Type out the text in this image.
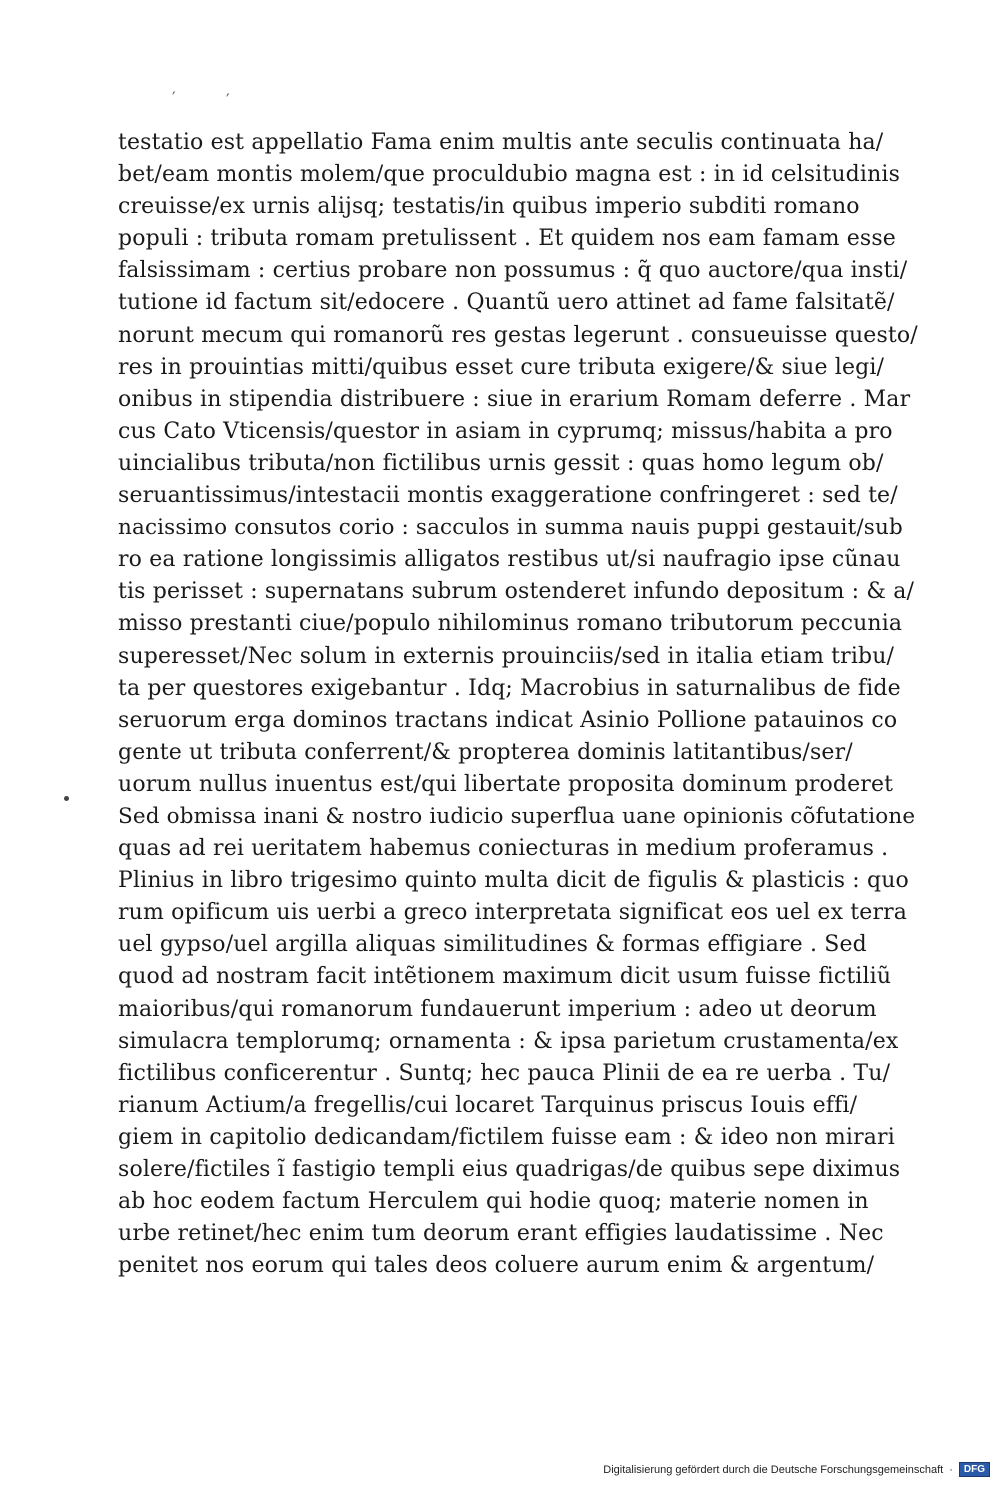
′	′
testatio est appellatio Fama enim multis ante seculis continuata ha/
bet/eam montis molem/que proculdubio magna est : in id celsitudinis
creuisse/ex urnis alijsq; testatis/in quibus imperio subditi romano
populi : tributa romam pretulissent . Et quidem nos eam famam esse
falsissimam : certius probare non possumus : q̃ quo auctore/qua insti/
tutione id factum sit/edocere . Quantũ uero attinet ad fame falsitatẽ/
norunt mecum qui romanorũ res gestas legerunt . consueuisse questo/
res in prouintias mitti/quibus esset cure tributa exigere/& siue legi/
onibus in stipendia distribuere : siue in erarium Romam deferre . Mar
cus Cato Vticensis/questor in asiam in cyprumq; missus/habita a pro
uincialibus tributa/non fictilibus urnis gessit : quas homo legum ob/
seruantissimus/intestacii montis exaggeratione confringeret : sed te/
nacissimo consutos corio : sacculos in summa nauis puppi gestauit/sub
ro ea ratione longissimis alligatos restibus ut/si naufragio ipse cũnau
tis perisset : supernatans subrum ostenderet infundo depositum : & a/
misso prestanti ciue/populo nihilominus romano tributorum peccunia
superesset/Nec solum in externis prouinciis/sed in italia etiam tribu/
ta per questores exigebantur . Idq; Macrobius in saturnalibus de fide
seruorum erga dominos tractans indicat Asinio Pollione patauinos co
gente ut tributa conferrent/& propterea dominis latitantibus/ser/
uorum nullus inuentus est/qui libertate proposita dominum proderet
Sed obmissa inani & nostro iudicio superflua uane opinionis cõfutatione
quas ad rei ueritatem habemus coniecturas in medium proferamus .
Plinius in libro trigesimo quinto multa dicit de figulis & plasticis : quo
rum opificum uis uerbi a greco interpretata significat eos uel ex terra
uel gypso/uel argilla aliquas similitudines & formas effigiare . Sed
quod ad nostram facit intẽtionem maximum dicit usum fuisse fictiliũ
maioribus/qui romanorum fundauerunt imperium : adeo ut deorum
simulacra templorumq; ornamenta : & ipsa parietum crustamenta/ex
fictilibus conficerentur . Suntq; hec pauca Plinii de ea re uerba . Tu/
rianum Actium/a fregellis/cui locaret Tarquinus priscus Iouis effi/
giem in capitolio dedicandam/fictilem fuisse eam : & ideo non mirari
solere/fictiles ĩ fastigio templi eius quadrigas/de quibus sepe diximus
ab hoc eodem factum Herculem qui hodie quoq; materie nomen in
urbe retinet/hec enim tum deorum erant effigies laudatissime . Nec
penitet nos eorum qui tales deos coluere aurum enim & argentum/
Digitalisierung gefördert durch die Deutsche Forschungsgemeinschaft ·	DFG
